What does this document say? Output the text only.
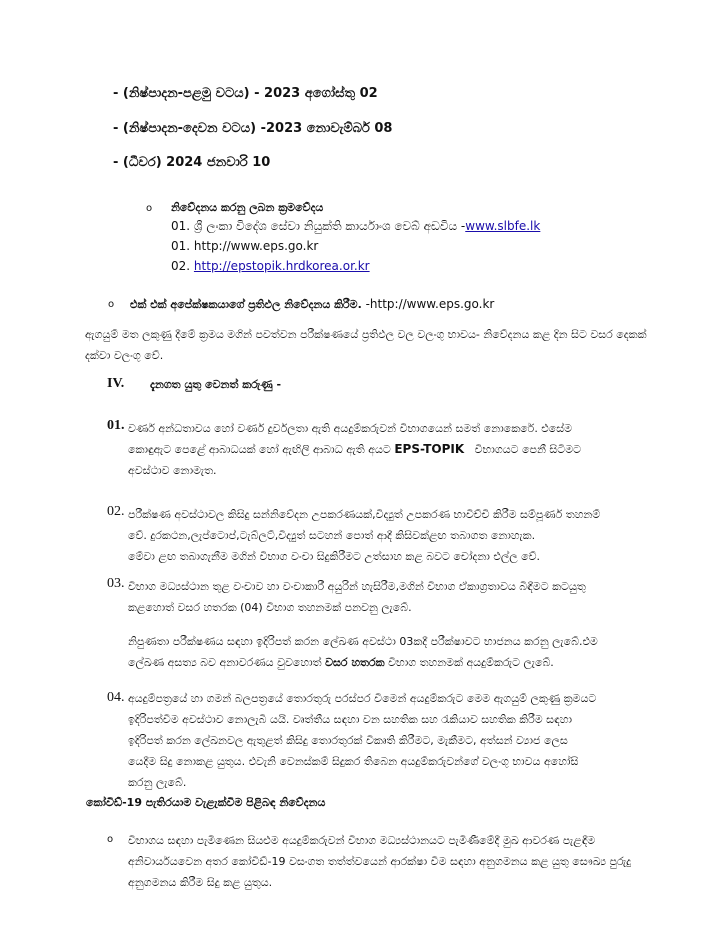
- (නිෂ්පාදන-පළමු වටය) - 2023 අගෝස්තු 02
- (නිෂ්පාදන-දෙවන වටය) -2023 නොවැම්බර් 08
- (ධීවර) 2024 ජනවාරි 10
o නිවේදනය කරනු ලබන ක්‍රමවේදය
01. ශ්‍රී ලංකා විදේශ සේවා නියුක්ති කාර්යාංශ වෙබ් අඩවිය -www.slbfe.lk
01. http://www.eps.go.kr
02. http://epstopik.hrdkorea.or.kr
o එක් එක් අපේක්ෂකයාගේ ප්‍රතිඵල නිවේදනය කිරීම. -http://www.eps.go.kr
ඇගයුම් මත ලකුණු දීමේ ක්‍රමය මගින් පවත්වන පරීක්ෂණයේ ප්‍රතිඵල වල වලංගු භාවය- නිවේදනය කළ දින සිට වසර දෙකක් දක්වා වලංගු වේ.
IV. දැනගත යුතු වෙනත් කරුණු -
01. වර්ණ අන්ධතාවය හෝ වර්ණ දුර්වලතා ඇති අයදුම්කරුවන් විභාගයෙන් සමත් නොකෙරේ. එසේම
කොඳුඇට පෙළේ ආබාධයක් හෝ ඇඟිලි ආබාධ ඇති අයට EPS-TOPIK විභාගයට පෙනී සිටීමට
අවස්ථාව නොමැත.
02. පරීක්ෂණ අවස්ථාවල කිසිදු සන්නිවේදන උපකරණයක්,විද්‍යුත් උපකරණ භාවිච්චි කිරීම සම්පූර්ණ තහනම්
වේ. දුරකථන,ලැප්ටොප්,ටැබ්ලට්,විද්‍යුත් සටහන් පොත් ආදී කිසිවක්ළඟ තබාගත නොහැක.
මේවා ළඟ තබාගැනීම මගින් විභාග වංචා සිදුකිරීමට උත්සාහ කළ බවට චෝදනා එල්ල වේ.
03. විභාග මධ්‍යස්ථාන තුළ වංචාව හා වංචාකාරී අයුරින් හැසිරීම,මගින් විභාග ඒකාග්‍රතාවය බිඳීමට කටයුතු
කළහොත් වසර හතරක (04) විභාග තහනමක් පනවනු ලැබේ.
නිපුණතා පරීක්ෂණය සඳහා ඉදිරිපත් කරන ලේඛණ අවස්ථා 03කදී පරීක්ෂාවට භාජනය කරනු ලැබේ.එම
ලේඛණ අසත්‍ය බව අනාවරණය වුවහොත් වසර හතරක විභාග තහනමක් අයදුම්කරුට ලැබේ.
04. අයදුම්පත්‍රයේ හා ගමන් බලපත්‍රයේ තොරතුරු පරස්පර වීමෙන් අයදුම්කරුට මෙම ඇගයුම් ලකුණු ක්‍රමයට
ඉදිරිපත්වීම අවස්ථාව නොලැබී යයි. වෘත්තීය සඳහා වන සහතික සහ රැකියාව සහතික කිරීම සඳහා
ඉදිරිපත් කරන ලේඛනවල ඇතුළත් කිසිදු තොරතුරක් විකෘති කිරීමට, මැකීමට, අත්සන් ව්‍යාජ ලෙස
යෙදීම සිදු නොකළ යුතුය. එවැනි වෙනස්කම් සිදුකර තිබෙන අයදුම්කරුවන්ගේ වලංගු භාවය අහෝසි
කරනු ලැබේ.
කෝවිඩ්-19 පැතිරයාම වැළැක්වීම පිළිබඳ නිවේදනය
o විභාගය සඳහා පැමිණෙන සියළුම අයදුම්කරුවන් විභාග මධ්‍යස්ථානයට පැමිණීමේදී මුඛ ආවරණ පැළඳීම
අනිවාර්යයවෙන අතර කෝවිඩ්-19 වසංගත තත්ත්වයෙන් ආරක්ෂා වීම සඳහා අනුගමනය කළ යුතු සෞඛ්‍ය පුරුදු
අනුගමනය කිරීම සිදු කළ යුතුය.
